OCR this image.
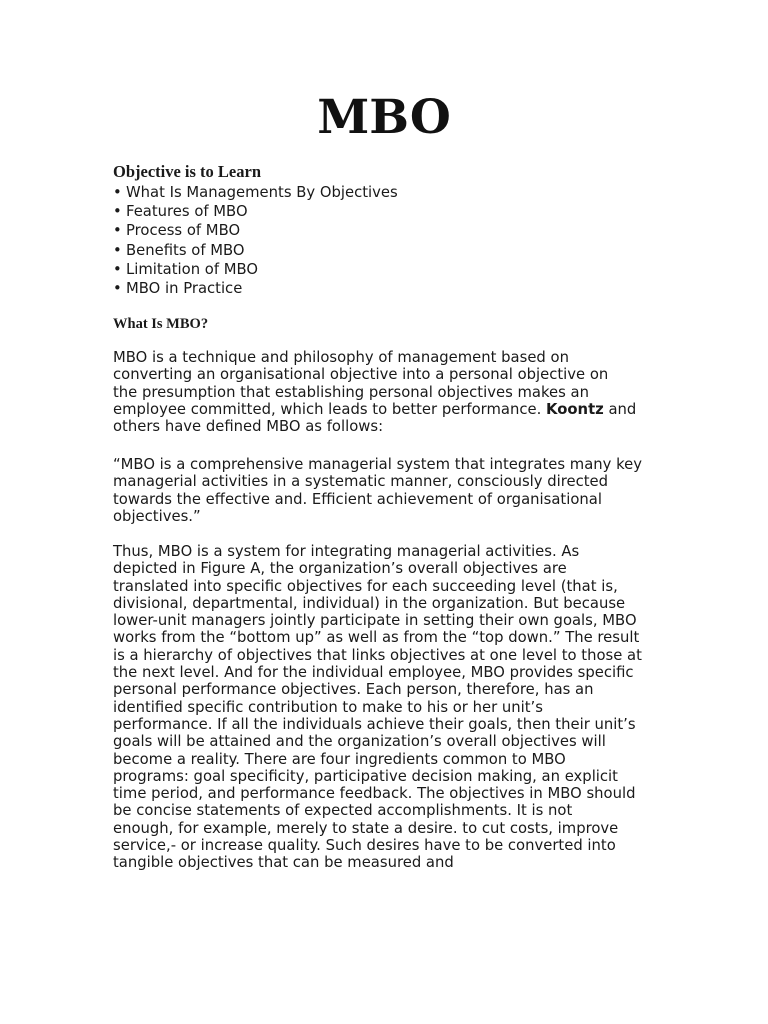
MBO
Objective is to Learn
• What Is Managements By Objectives
• Features of MBO
• Process of MBO
• Benefits of MBO
• Limitation of MBO
• MBO in Practice
What Is MBO?

MBO is a technique and philosophy of management based on
converting an organisational objective into a personal objective on
the presumption that establishing personal objectives makes an
employee committed, which leads to better performance. Koontz and
others have defined MBO as follows:

“MBO is a comprehensive managerial system that integrates many key
managerial activities in a systematic manner, consciously directed
towards the effective and. Efficient achievement of organisational
objectives.”

Thus, MBO is a system for integrating managerial activities. As
depicted in Figure A, the organization’s overall objectives are
translated into specific objectives for each succeeding level (that is,
divisional, departmental, individual) in the organization. But because
lower-unit managers jointly participate in setting their own goals, MBO
works from the “bottom up” as well as from the “top down.” The result
is a hierarchy of objectives that links objectives at one level to those at
the next level. And for the individual employee, MBO provides specific
personal performance objectives. Each person, therefore, has an
identified specific contribution to make to his or her unit’s
performance. If all the individuals achieve their goals, then their unit’s
goals will be attained and the organization’s overall objectives will
become a reality. There are four ingredients common to MBO
programs: goal specificity, participative decision making, an explicit
time period, and performance feedback. The objectives in MBO should
be concise statements of expected accomplishments. It is not
enough, for example, merely to state a desire. to cut costs, improve
service,- or increase quality. Such desires have to be converted into
tangible objectives that can be measured and
